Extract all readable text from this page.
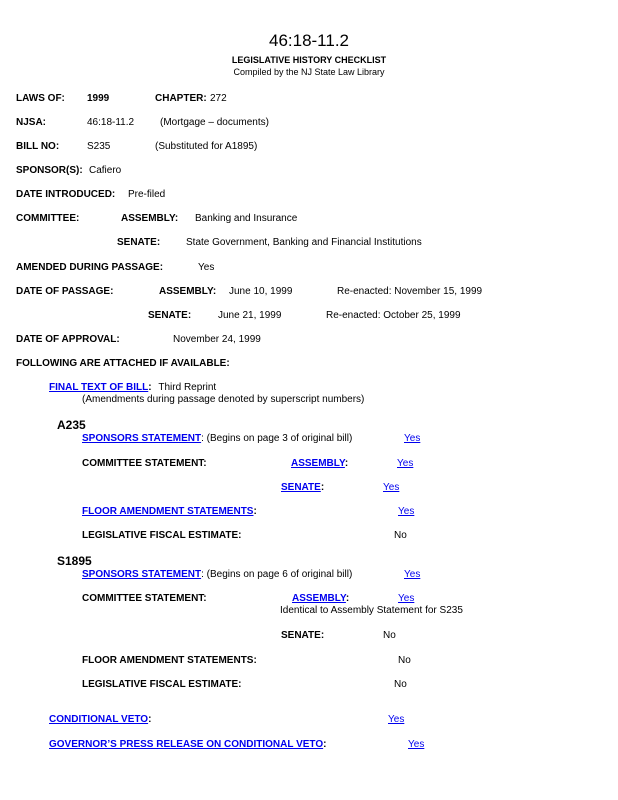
46:18-11.2
LEGISLATIVE HISTORY CHECKLIST
Compiled by the NJ State Law Library
LAWS OF: 1999	CHAPTER: 272
NJSA:	46:18-11.2	(Mortgage – documents)
BILL NO:	S235	(Substituted for A1895)
SPONSOR(S): Cafiero
DATE INTRODUCED: Pre-filed
COMMITTEE:	ASSEMBLY: Banking and Insurance
SENATE:	State Government, Banking and Financial Institutions
AMENDED DURING PASSAGE:	Yes
DATE OF PASSAGE:	ASSEMBLY: June 10, 1999	Re-enacted: November 15, 1999
SENATE:	June 21, 1999	Re-enacted: October 25, 1999
DATE OF APPROVAL:	November 24, 1999
FOLLOWING ARE ATTACHED IF AVAILABLE:
FINAL TEXT OF BILL: Third Reprint
(Amendments during passage denoted by superscript numbers)
A235
SPONSORS STATEMENT: (Begins on page 3 of original bill)	Yes
COMMITTEE STATEMENT:	ASSEMBLY:	Yes
SENATE:	Yes
FLOOR AMENDMENT STATEMENTS:	Yes
LEGISLATIVE FISCAL ESTIMATE:	No
S1895
SPONSORS STATEMENT: (Begins on page 6 of original bill)	Yes
COMMITTEE STATEMENT:	ASSEMBLY:	Yes
Identical to Assembly Statement for S235
SENATE:	No
FLOOR AMENDMENT STATEMENTS:	No
LEGISLATIVE FISCAL ESTIMATE:	No
CONDITIONAL VETO:	Yes
GOVERNOR’S PRESS RELEASE ON CONDITIONAL VETO:	Yes
